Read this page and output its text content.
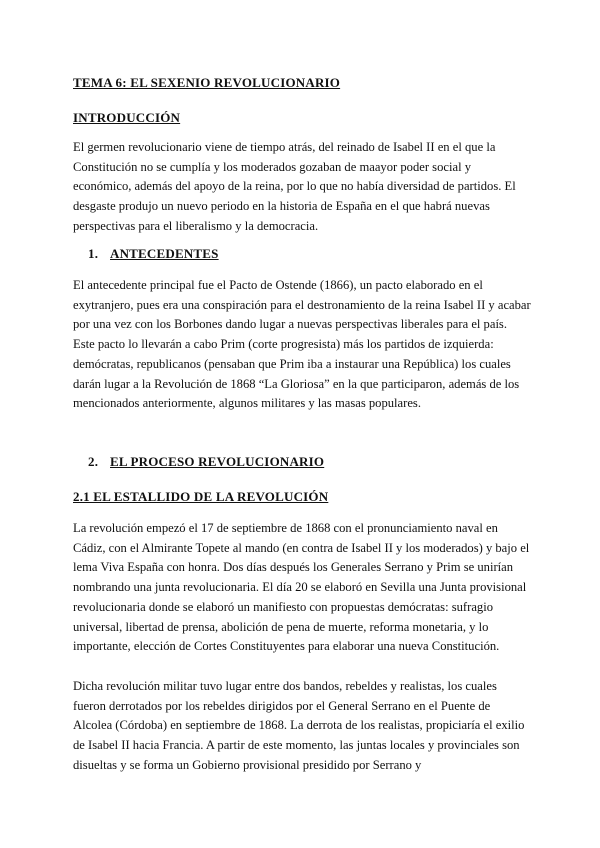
TEMA 6: EL SEXENIO REVOLUCIONARIO
INTRODUCCIÓN
El germen revolucionario viene de tiempo atrás, del reinado de Isabel II en el que la Constitución no se cumplía y los moderados gozaban de maayor poder social y económico, además del apoyo de la reina, por lo que no había diversidad de partidos. El desgaste produjo un nuevo periodo en la historia de España en el que habrá nuevas perspectivas para el liberalismo y la democracia.
1. ANTECEDENTES
El antecedente principal fue el Pacto de Ostende (1866), un pacto elaborado en el exytranjero, pues era una conspiración para el destronamiento de la reina Isabel II y acabar por una vez con los Borbones dando lugar a nuevas perspectivas liberales para el país. Este pacto lo llevarán a cabo Prim (corte progresista) más los partidos de izquierda: demócratas, republicanos (pensaban que Prim iba a instaurar una República) los cuales darán lugar a la Revolución de 1868 “La Gloriosa” en la que participaron, además de los mencionados anteriormente, algunos militares y las masas populares.
2. EL PROCESO REVOLUCIONARIO
2.1 EL ESTALLIDO DE LA REVOLUCIÓN
La revolución empezó el 17 de septiembre de 1868 con el pronunciamiento naval en Cádiz, con el Almirante Topete al mando (en contra de Isabel II y los moderados) y bajo el lema Viva España con honra. Dos días después los Generales Serrano y Prim se unirían nombrando una junta revolucionaria. El día 20 se elaboró en Sevilla una Junta provisional revolucionaria donde se elaboró un manifiesto con propuestas demócratas: sufragio universal, libertad de prensa, abolición de pena de muerte, reforma monetaria, y lo importante, elección de Cortes Constituyentes para elaborar una nueva Constitución.
Dicha revolución militar tuvo lugar entre dos bandos, rebeldes y realistas, los cuales fueron derrotados por los rebeldes dirigidos por el General Serrano en el Puente de Alcolea (Córdoba) en septiembre de 1868. La derrota de los realistas, propiciaría el exilio de Isabel II hacia Francia. A partir de este momento, las juntas locales y provinciales son disueltas y se forma un Gobierno provisional presidido por Serrano y
